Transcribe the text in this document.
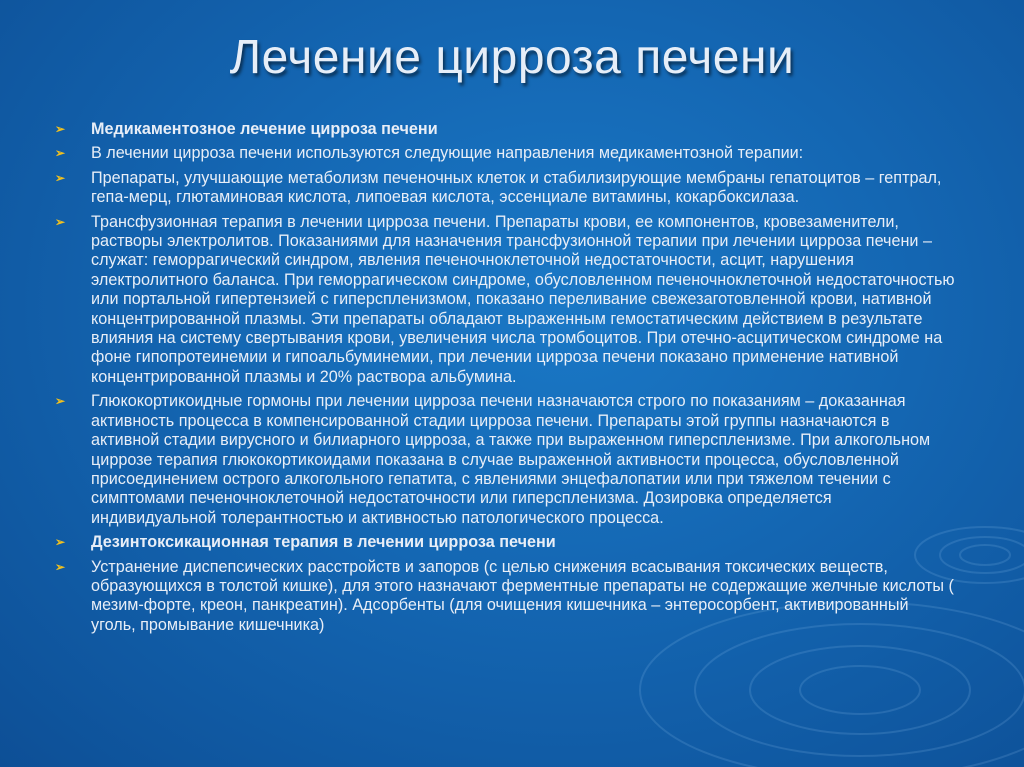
Лечение цирроза печени
➢ Медикаментозное лечение цирроза печени
➢ В лечении цирроза печени используются следующие направления медикаментозной терапии:
➢ Препараты, улучшающие метаболизм печеночных клеток и стабилизирующие мембраны гепатоцитов – гептрал, гепа-мерц, глютаминовая кислота, липоевая кислота, эссенциале витамины, кокарбоксилаза.
➢ Трансфузионная терапия в лечении цирроза печени. Препараты крови, ее компонентов, кровезаменители, растворы электролитов. Показаниями для назначения трансфузионной терапии при лечении цирроза печени – служат: геморрагический синдром, явления печеночноклеточной недостаточности, асцит, нарушения электролитного баланса. При геморрагическом синдроме, обусловленном печеночноклеточной недостаточностью или портальной гипертензией с гиперспленизмом, показано переливание свежезаготовленной крови, нативной концентрированной плазмы. Эти препараты обладают выраженным гемостатическим действием в результате влияния на систему свертывания крови, увеличения числа тромбоцитов. При отечно-асцитическом синдроме на фоне гипопротеинемии и гипоальбуминемии, при лечении цирроза печени показано применение нативной концентрированной плазмы и 20% раствора альбумина.
➢ Глюкокортикоидные гормоны при лечении цирроза печени назначаются строго по показаниям – доказанная активность процесса в компенсированной стадии цирроза печени. Препараты этой группы назначаются в активной стадии вирусного и билиарного цирроза, а также при выраженном гиперспленизме. При алкогольном циррозе терапия глюкокортикоидами показана в случае выраженной активности процесса, обусловленной присоединением острого алкогольного гепатита, с явлениями энцефалопатии или при тяжелом течении с симптомами печеночноклеточной недостаточности или гиперспленизма. Дозировка определяется индивидуальной толерантностью и активностью патологического процесса.
➢ Дезинтоксикационная терапия в лечении цирроза печени
➢ Устранение диспепсических расстройств и запоров (с целью снижения всасывания токсических веществ, образующихся в толстой кишке), для этого назначают ферментные препараты не содержащие желчные кислоты ( мезим-форте, креон, панкреатин). Адсорбенты (для очищения кишечника – энтеросорбент, активированный уголь, промывание кишечника)
